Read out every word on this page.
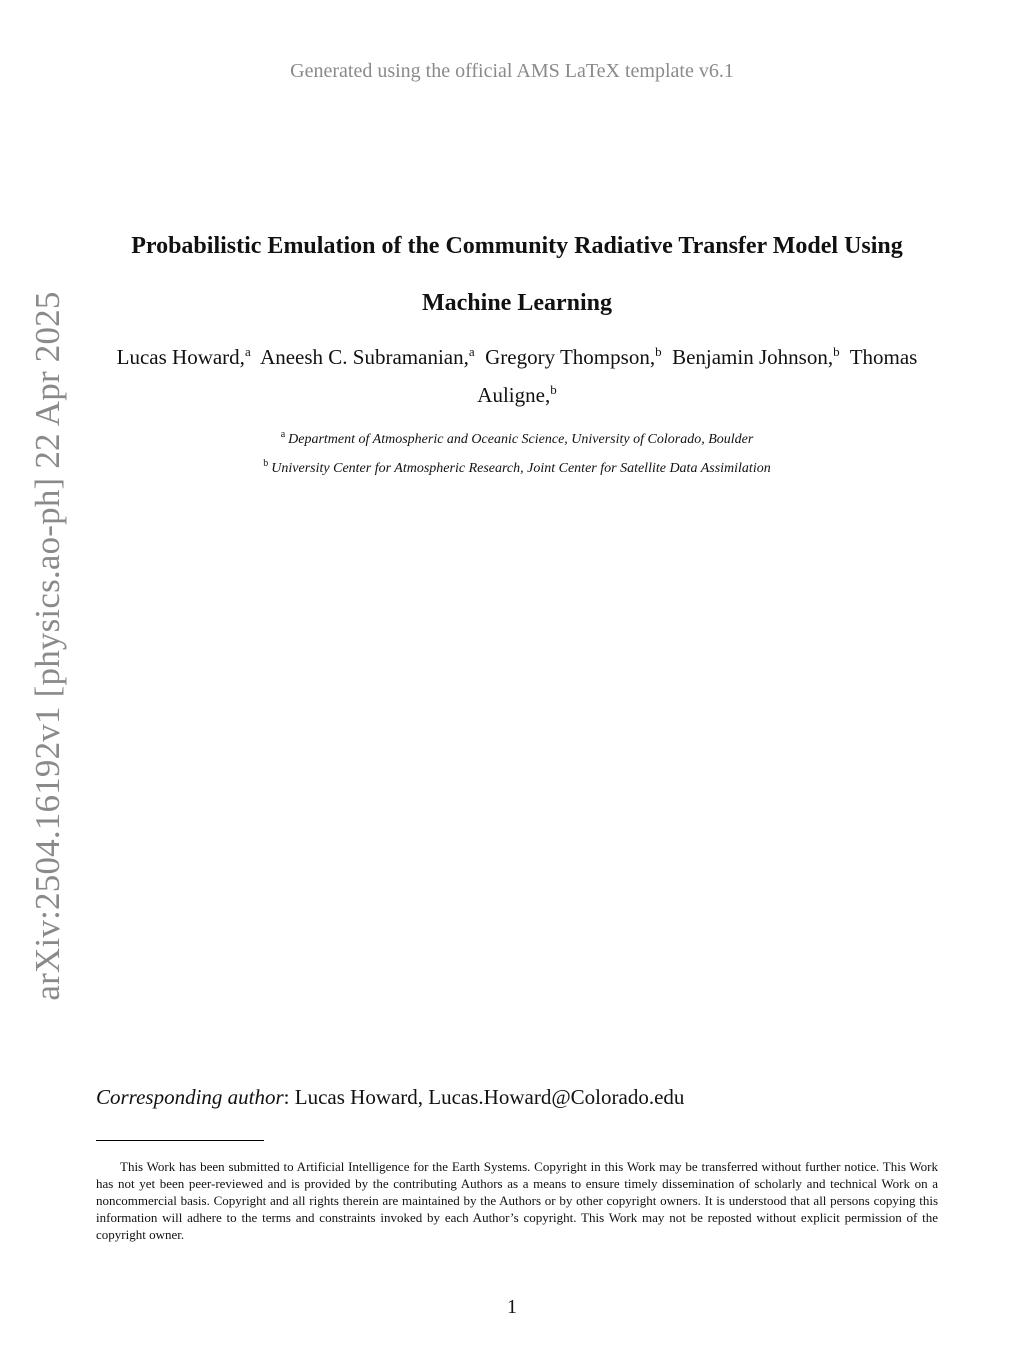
Generated using the official AMS LaTeX template v6.1
arXiv:2504.16192v1 [physics.ao-ph] 22 Apr 2025
Probabilistic Emulation of the Community Radiative Transfer Model Using Machine Learning
Lucas Howard,$^a$ Aneesh C. Subramanian,$^a$ Gregory Thompson,$^b$ Benjamin Johnson,$^b$ Thomas Auligne,$^b$
$^a$ Department of Atmospheric and Oceanic Science, University of Colorado, Boulder
$^b$ University Center for Atmospheric Research, Joint Center for Satellite Data Assimilation
Corresponding author: Lucas Howard, Lucas.Howard@Colorado.edu
This Work has been submitted to Artificial Intelligence for the Earth Systems. Copyright in this Work may be transferred without further notice. This Work has not yet been peer-reviewed and is provided by the contributing Authors as a means to ensure timely dissemination of scholarly and technical Work on a noncommercial basis. Copyright and all rights therein are maintained by the Authors or by other copyright owners. It is understood that all persons copying this information will adhere to the terms and constraints invoked by each Author’s copyright. This Work may not be reposted without explicit permission of the copyright owner.
1
